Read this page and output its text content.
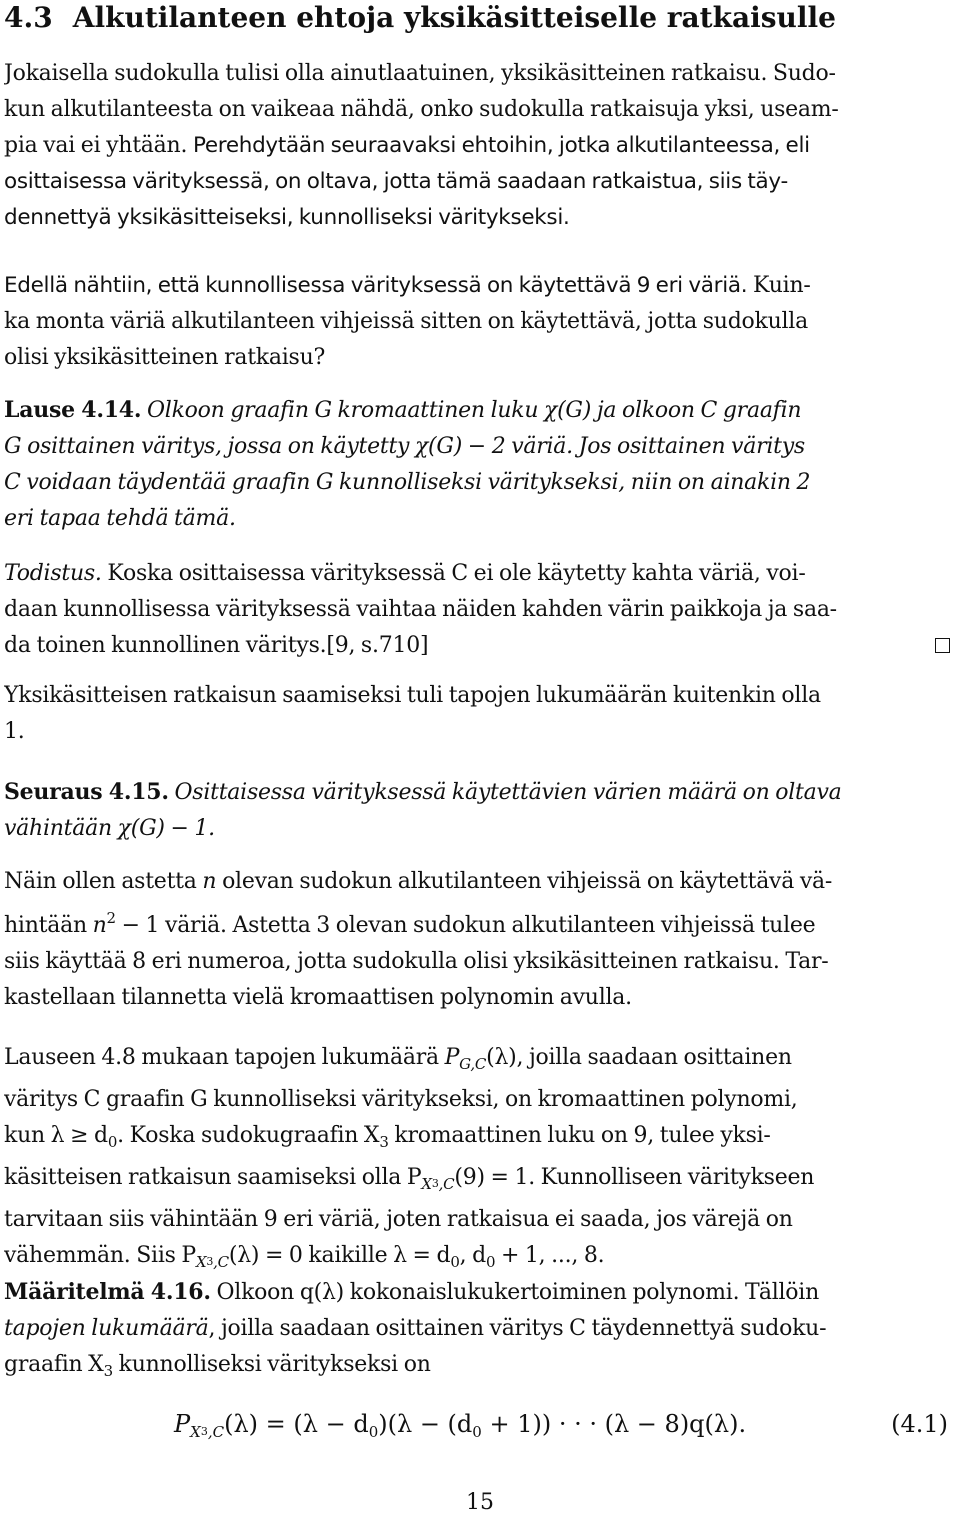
4.3 Alkutilanteen ehtoja yksikäsitteiselle ratkaisulle
Jokaisella sudokulla tulisi olla ainutlaatuinen, yksikäsitteinen ratkaisu. Sudo-
kun alkutilanteesta on vaikeaa nähdä, onko sudokulla ratkaisuja yksi, useam-
pia vai ei yhtään. Perehdytään seuraavaksi ehtoihin, jotka alkutilanteessa, eli
osittaisessa värityksessä, on oltava, jotta tämä saadaan ratkaistua, siis täy-
dennettyä yksikäsitteiseksi, kunnolliseksi väritykseksi.
Edellä nähtiin, että kunnollisessa värityksessä on käytettävä 9 eri väriä. Kuin-
ka monta väriä alkutilanteen vihjeissä sitten on käytettävä, jotta sudokulla
olisi yksikäsitteinen ratkaisu?
Lause 4.14. Olkoon graafin G kromaattinen luku χ(G) ja olkoon C graafin
G osittainen väritys, jossa on käytetty χ(G) − 2 väriä. Jos osittainen väritys
C voidaan täydentää graafin G kunnolliseksi väritykseksi, niin on ainakin 2
eri tapaa tehdä tämä.
Todistus. Koska osittaisessa värityksessä C ei ole käytetty kahta väriä, voi-
daan kunnollisessa värityksessä vaihtaa näiden kahden värin paikkoja ja saa-
da toinen kunnollinen väritys.[9, s.710]
Yksikäsitteisen ratkaisun saamiseksi tuli tapojen lukumäärän kuitenkin olla
1.
Seuraus 4.15. Osittaisessa värityksessä käytettävien värien määrä on oltava
vähintään χ(G) − 1.
Näin ollen astetta n olevan sudokun alkutilanteen vihjeissä on käytettävä vä-
hintään $n^2 - 1$ väriä. Astetta 3 olevan sudokun alkutilanteen vihjeissä tulee
siis käyttää 8 eri numeroa, jotta sudokulla olisi yksikäsitteinen ratkaisu. Tar-
kastellaan tilannetta vielä kromaattisen polynomin avulla.
Lauseen 4.8 mukaan tapojen lukumäärä $P_{G,C}(\lambda)$, joilla saadaan osittainen
väritys C graafin G kunnolliseksi väritykseksi, on kromaattinen polynomi,
kun $\lambda \ge d_0$. Koska sudokugraafin $X_3$ kromaattinen luku on 9, tulee yksi-
käsitteisen ratkaisun saamiseksi olla $P_X3_{,C}(9) = 1$. Kunnolliseen väritykseen
tarvitaan siis vähintään 9 eri väriä, joten ratkaisua ei saada, jos värejä on
vähemmän. Siis $P_X3_{,C}(\lambda) = 0$ kaikille $\lambda = d_0$, $d_0 + 1$, ..., 8.
Määritelmä 4.16. Olkoon q(λ) kokonaislukukertoiminen polynomi. Tällöin
tapojen lukumäärä, joilla saadaan osittainen väritys C täydennettyä sudoku-
graafin $X_3$ kunnolliseksi väritykseksi on
$P_X3_{,C}(\lambda) = (\lambda - d_0)(\lambda - (d_0 + 1))$ · · · (λ − 8)q(λ).	(4.1)
15
